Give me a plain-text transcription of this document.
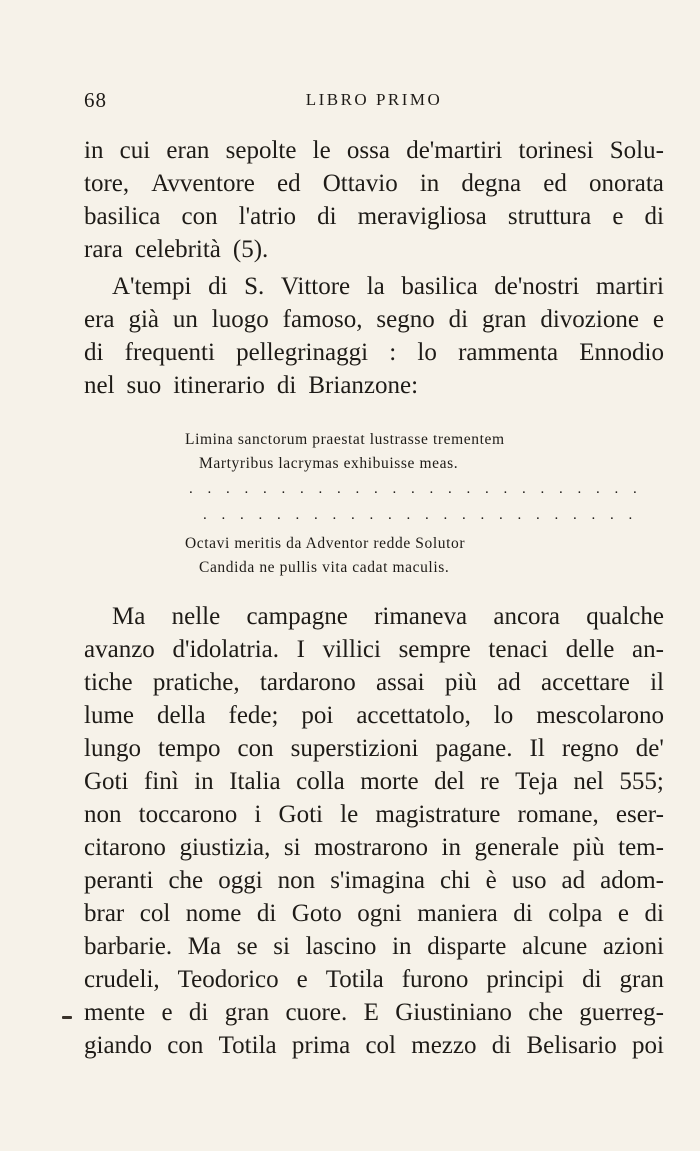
68	LIBRO PRIMO
in cui eran sepolte le ossa de'martiri torinesi Solu-
tore, Avventore ed Ottavio in degna ed onorata
basilica con l'atrio di meravigliosa struttura e di
rara celebrità (5).
A'tempi di S. Vittore la basilica de'nostri martiri
era già un luogo famoso, segno di gran divozione e
di frequenti pellegrinaggi : lo rammenta Ennodio
nel suo itinerario di Brianzone:
Limina sanctorum praestat lustrasse trementem
Martyribus lacrymas exhibuisse meas.
. . . . . . . . . . . . . . . . . . . . . . . . .
. . . . . . . . . . . . . . . . . . . . . . . .
Octavi meritis da Adventor redde Solutor
Candida ne pullis vita cadat maculis.
Ma nelle campagne rimaneva ancora qualche
avanzo d'idolatria. I villici sempre tenaci delle an-
tiche pratiche, tardarono assai più ad accettare il
lume della fede; poi accettatolo, lo mescolarono
lungo tempo con superstizioni pagane. Il regno de'
Goti finì in Italia colla morte del re Teja nel 555;
non toccarono i Goti le magistrature romane, eser-
citarono giustizia, si mostrarono in generale più tem-
peranti che oggi non s'imagina chi è uso ad adom-
brar col nome di Goto ogni maniera di colpa e di
barbarie. Ma se si lascino in disparte alcune azioni
crudeli, Teodorico e Totila furono principi di gran
mente e di gran cuore. E Giustiniano che guerreg-
giando con Totila prima col mezzo di Belisario poi
